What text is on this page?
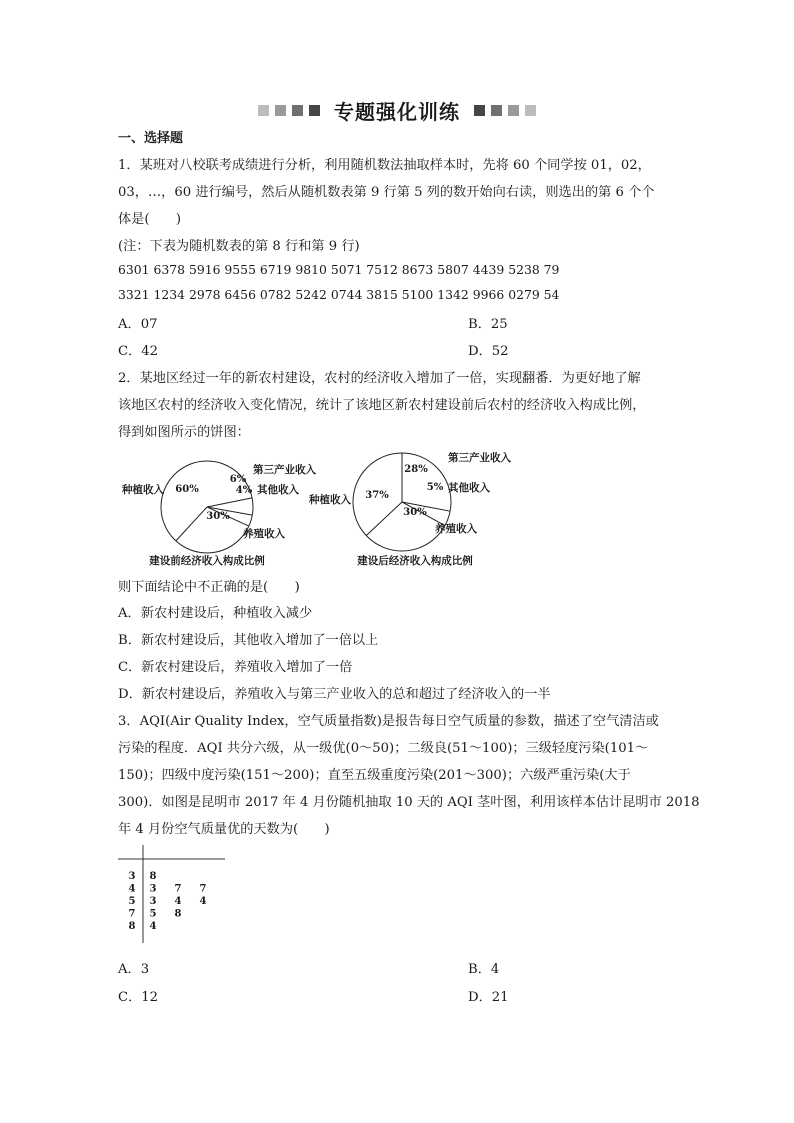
专题强化训练
一、选择题
1．某班对八校联考成绩进行分析，利用随机数法抽取样本时，先将 60 个同学按 01，02，
03，…，60 进行编号，然后从随机数表第 9 行第 5 列的数开始向右读，则选出的第 6 个个
体是(　　)
(注：下表为随机数表的第 8 行和第 9 行)
6301 6378 5916 9555 6719 9810 5071 7512 8673 5807 4439 5238 79
3321 1234 2978 6456 0782 5242 0744 3815 5100 1342 9966 0279 54
A．07	B．25
C．42	D．52
2．某地区经过一年的新农村建设，农村的经济收入增加了一倍，实现翻番．为更好地了解
该地区农村的经济收入变化情况，统计了该地区新农村建设前后农村的经济收入构成比例，
得到如图所示的饼图：
60%
6%
4%
30%
种植收入
第三产业收入
其他收入
养殖收入
建设前经济收入构成比例
37%
28%
5%
30%
种植收入
第三产业收入
其他收入
养殖收入
建设后经济收入构成比例
则下面结论中不正确的是(　　)
A．新农村建设后，种植收入减少
B．新农村建设后，其他收入增加了一倍以上
C．新农村建设后，养殖收入增加了一倍
D．新农村建设后，养殖收入与第三产业收入的总和超过了经济收入的一半
3．AQI(Air Quality Index，空气质量指数)是报告每日空气质量的参数，描述了空气清洁或
污染的程度．AQI 共分六级，从一级优(0～50)；二级良(51～100)；三级轻度污染(101～
150)；四级中度污染(151～200)；直至五级重度污染(201～300)；六级严重污染(大于
300)．如图是昆明市 2017 年 4 月份随机抽取 10 天的 AQI 茎叶图，利用该样本估计昆明市 2018
年 4 月份空气质量优的天数为(　　)
3 8
4 3 7 7
5 3 4 4
7 5 8
8 4
A．3	B．4
C．12	D．21
